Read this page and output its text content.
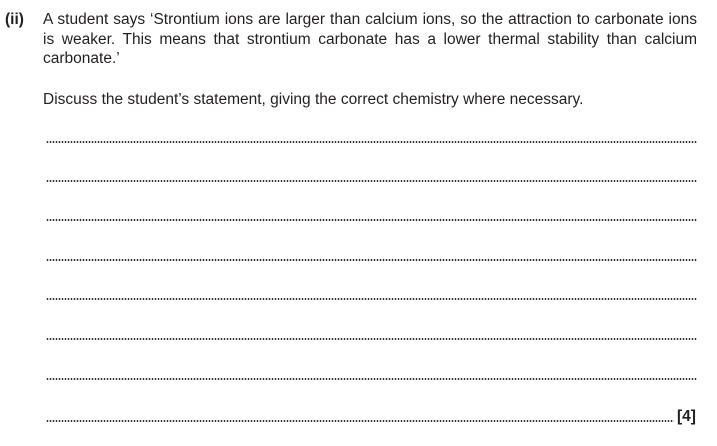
(ii) A student says ‘Strontium ions are larger than calcium ions, so the attraction to carbonate ions is weaker. This means that strontium carbonate has a lower thermal stability than calcium carbonate.’
Discuss the student’s statement, giving the correct chemistry where necessary.
[4]
